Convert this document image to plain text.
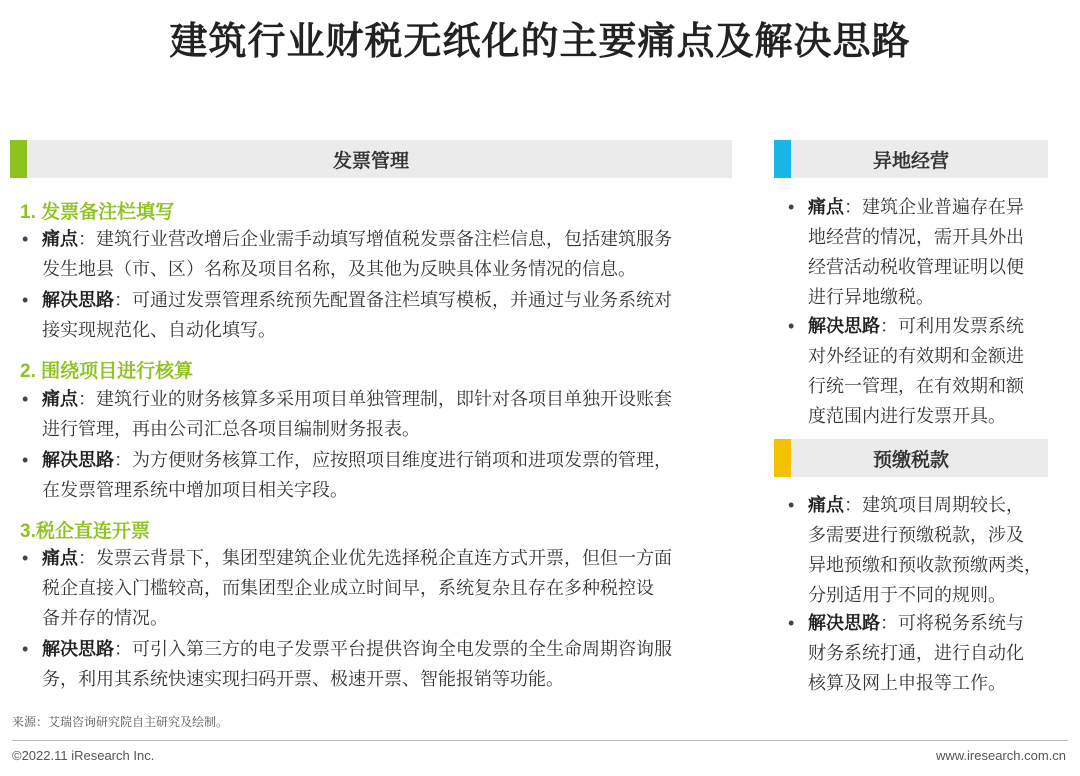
建筑行业财税无纸化的主要痛点及解决思路
发票管理
1. 发票备注栏填写
• 痛点：建筑行业营改增后企业需手动填写增值税发票备注栏信息，包括建筑服务
发生地县（市、区）名称及项目名称，及其他为反映具体业务情况的信息。
• 解决思路：可通过发票管理系统预先配置备注栏填写模板，并通过与业务系统对
接实现规范化、自动化填写。
2. 围绕项目进行核算
• 痛点：建筑行业的财务核算多采用项目单独管理制，即针对各项目单独开设账套
进行管理，再由公司汇总各项目编制财务报表。
• 解决思路：为方便财务核算工作，应按照项目维度进行销项和进项发票的管理，
在发票管理系统中增加项目相关字段。
3.税企直连开票
• 痛点：发票云背景下，集团型建筑企业优先选择税企直连方式开票，但但一方面
税企直接入门槛较高，而集团型企业成立时间早，系统复杂且存在多种税控设
备并存的情况。
• 解决思路：可引入第三方的电子发票平台提供咨询全电发票的全生命周期咨询服
务，利用其系统快速实现扫码开票、极速开票、智能报销等功能。
异地经营
• 痛点：建筑企业普遍存在异
地经营的情况，需开具外出
经营活动税收管理证明以便
进行异地缴税。
• 解决思路：可利用发票系统
对外经证的有效期和金额进
行统一管理，在有效期和额
度范围内进行发票开具。
预缴税款
• 痛点：建筑项目周期较长，
多需要进行预缴税款，涉及
异地预缴和预收款预缴两类，
分别适用于不同的规则。
• 解决思路：可将税务系统与
财务系统打通，进行自动化
核算及网上申报等工作。
来源：艾瑞咨询研究院自主研究及绘制。
©2022.11 iResearch Inc.	www.iresearch.com.cn
